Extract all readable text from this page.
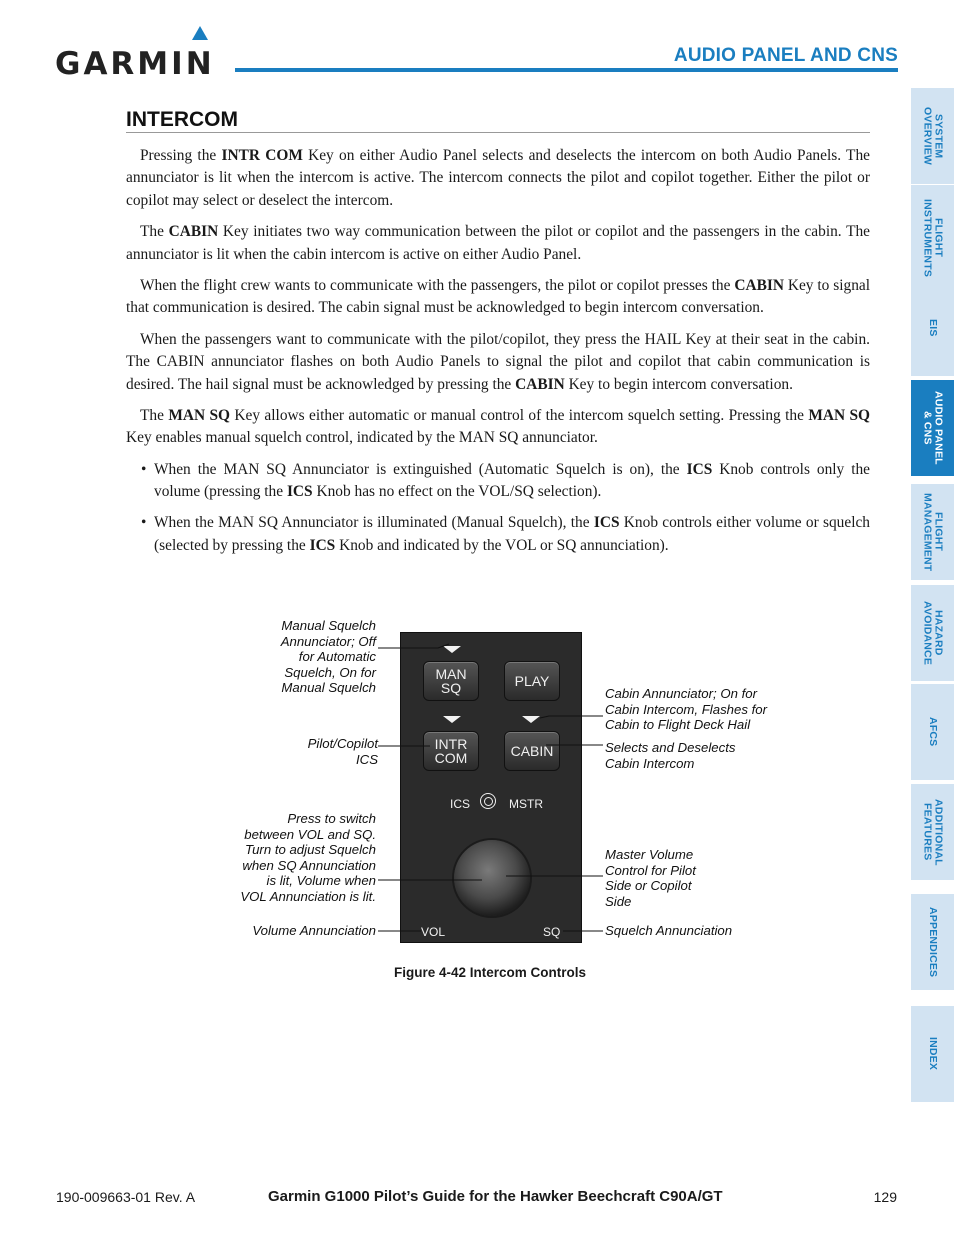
GARMIN	AUDIO PANEL AND CNS
SYSTEM
OVERVIEW
FLIGHT
INSTRUMENTS
EIS
AUDIO PANEL
& CNS
FLIGHT
MANAGEMENT
HAZARD
AVOIDANCE
AFCS
ADDITIONAL
FEATURES
APPENDICES
INDEX
INTERCOM

Pressing the INTR COM Key on either Audio Panel selects and deselects the intercom on both Audio Panels. The annunciator is lit when the intercom is active. The intercom connects the pilot and copilot together. Either the pilot or copilot may select or deselect the intercom.

The CABIN Key initiates two way communication between the pilot or copilot and the passengers in the cabin. The annunciator is lit when the cabin intercom is active on either Audio Panel.

When the flight crew wants to communicate with the passengers, the pilot or copilot presses the CABIN Key to signal that communication is desired. The cabin signal must be acknowledged to begin intercom conversation.

When the passengers want to communicate with the pilot/copilot, they press the HAIL Key at their seat in the cabin. The CABIN annunciator flashes on both Audio Panels to signal the pilot and copilot that cabin communication is desired. The hail signal must be acknowledged by pressing the CABIN Key to begin intercom conversation.

The MAN SQ Key allows either automatic or manual control of the intercom squelch setting. Pressing the MAN SQ Key enables manual squelch control, indicated by the MAN SQ annunciator.

• When the MAN SQ Annunciator is extinguished (Automatic Squelch is on), the ICS Knob controls only the volume (pressing the ICS Knob has no effect on the VOL/SQ selection).
• When the MAN SQ Annunciator is illuminated (Manual Squelch), the ICS Knob controls either volume or squelch (selected by pressing the ICS Knob and indicated by the VOL or SQ annunciation).
MAN
SQ	PLAY
INTR
COM	CABIN
ICS	MSTR
VOL	SQ
Manual Squelch
Annunciator; Off
for Automatic
Squelch, On for
Manual Squelch
Pilot/Copilot
ICS
Press to switch
between VOL and SQ.
Turn to adjust Squelch
when SQ Annunciation
is lit, Volume when
VOL Annunciation is lit.
Volume Annunciation
Cabin Annunciator; On for
Cabin Intercom, Flashes for
Cabin to Flight Deck Hail
Selects and Deselects
Cabin Intercom
Master Volume
Control for Pilot
Side or Copilot
Side
Squelch Annunciation
Figure 4-42 Intercom Controls
190-009663-01 Rev. A	Garmin G1000 Pilot’s Guide for the Hawker Beechcraft C90A/GT	129
